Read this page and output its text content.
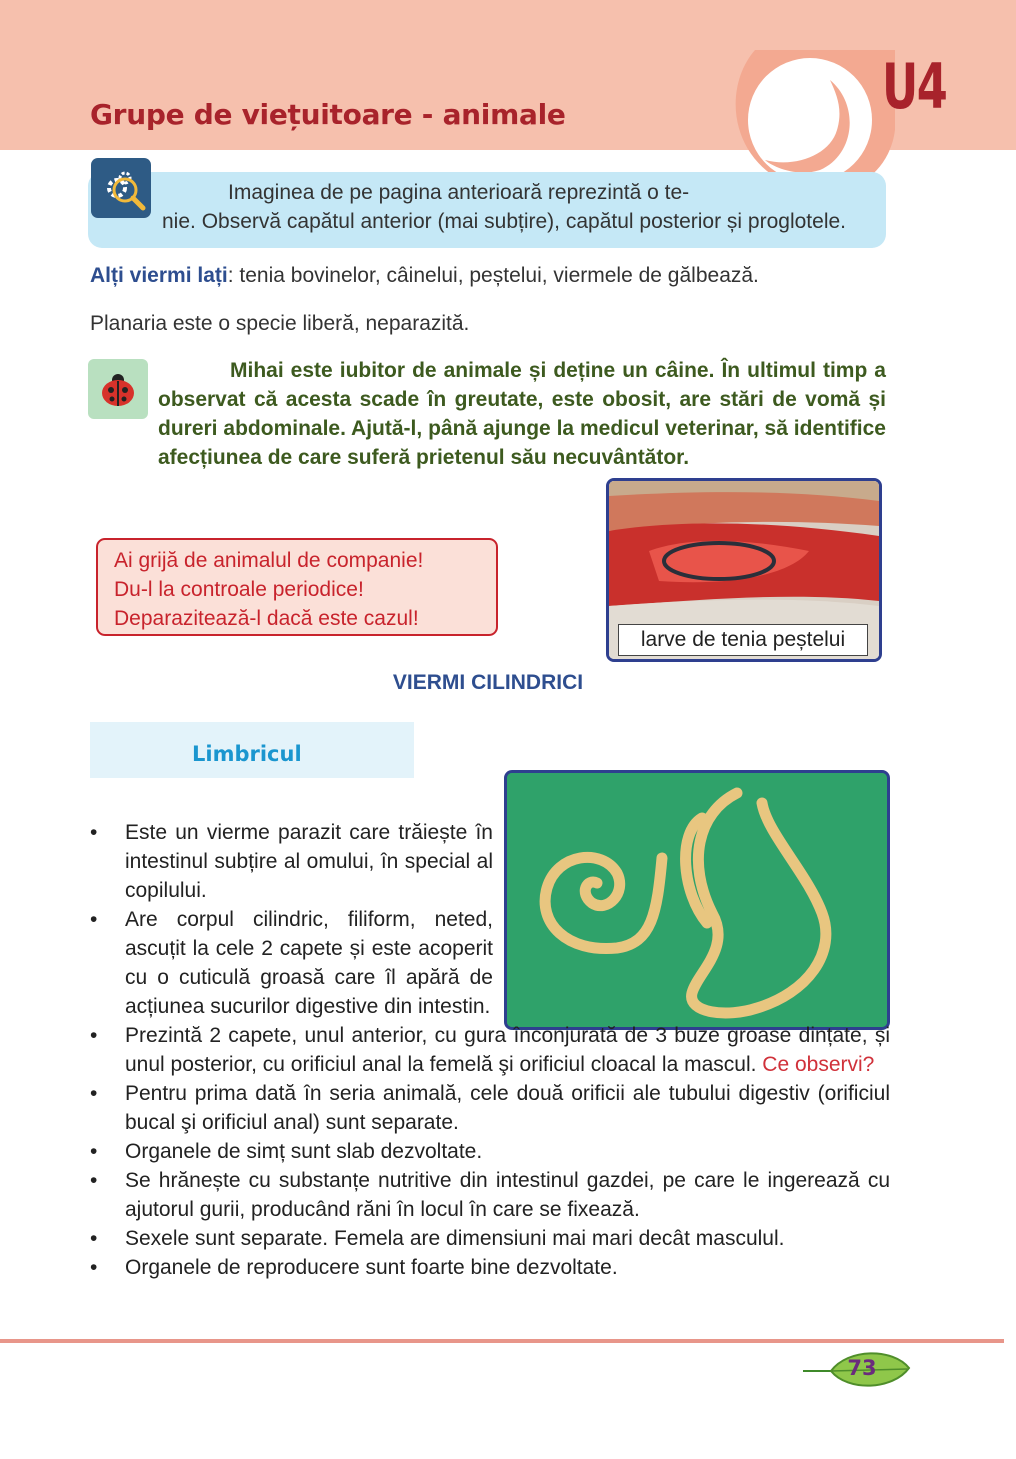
Grupe de viețuitoare - animale	U4
Imaginea de pe pagina anterioară reprezintă o te-
nie. Observă capătul anterior (mai subțire), capătul posterior și proglotele.
Alți viermi lați: tenia bovinelor, câinelui, peștelui, viermele de gălbează.
Planaria este o specie liberă, neparazită.
Mihai este iubitor de animale și deține un câine. În ultimul timp a observat că acesta scade în greutate, este obosit, are stări de vomă și dureri abdominale. Ajută-l, până ajunge la medicul veterinar, să identifice afecțiunea de care suferă prietenul său necuvântător.
Ai grijă de animalul de companie!
Du-l la controale periodice!
Deparazitează-l dacă este cazul!
larve de tenia peștelui
VIERMI CILINDRICI
Limbricul
• Este un vierme parazit care trăiește în intestinul subțire al omului, în special al copilului.
• Are corpul cilindric, filiform, neted, ascuțit la cele 2 capete și este acoperit cu o cuticulă groasă care îl apără de acțiunea sucurilor digestive din intestin.
• Prezintă 2 capete, unul anterior, cu gura înconjurată de 3 buze groase dințate, și unul posterior, cu orificiul anal la femelă şi orificiul cloacal la mascul. Ce observi?
• Pentru prima dată în seria animală, cele două orificii ale tubului digestiv (orificiul bucal şi orificiul anal) sunt separate.
• Organele de simț sunt slab dezvoltate.
• Se hrănește cu substanțe nutritive din intestinul gazdei, pe care le ingerează cu ajutorul gurii, producând răni în locul în care se fixează.
• Sexele sunt separate. Femela are dimensiuni mai mari decât masculul.
• Organele de reproducere sunt foarte bine dezvoltate.
73
